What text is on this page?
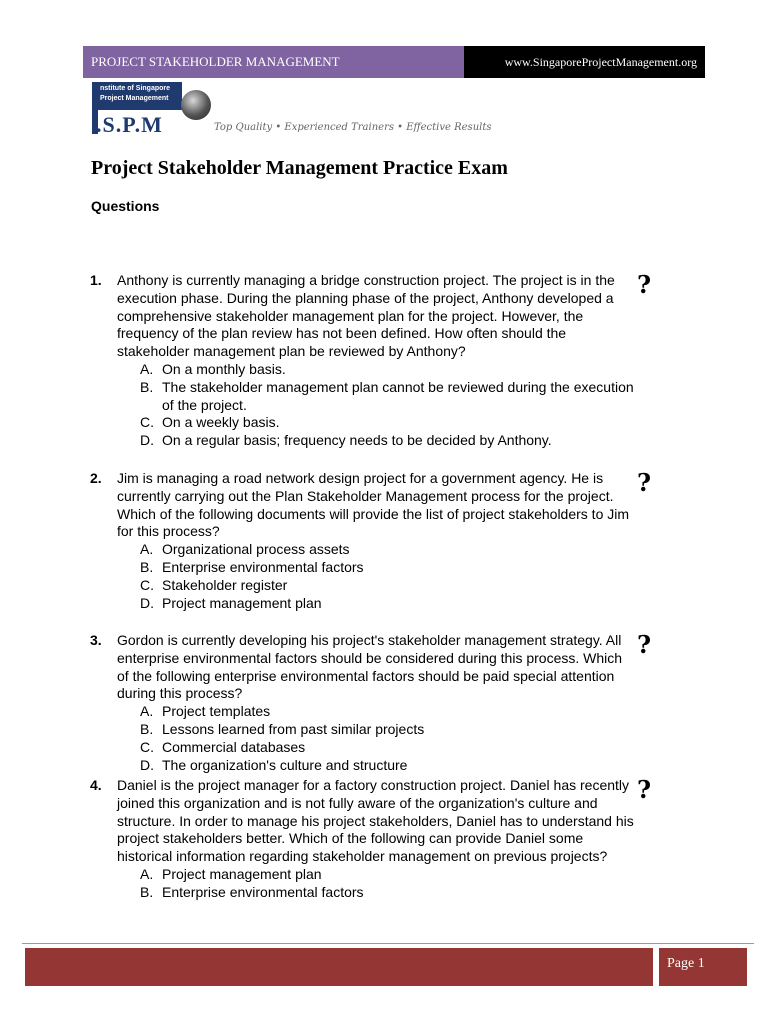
PROJECT STAKEHOLDER MANAGEMENT	www.SingaporeProjectManagement.org
nstitute of Singapore
Project Management
.S.P.M	Top Quality • Experienced Trainers • Effective Results
Project Stakeholder Management Practice Exam
Questions
1. Anthony is currently managing a bridge construction project. The project is in the execution phase. During the planning phase of the project, Anthony developed a comprehensive stakeholder management plan for the project. However, the frequency of the plan review has not been defined. How often should the stakeholder management plan be reviewed by Anthony?
A. On a monthly basis.
B. The stakeholder management plan cannot be reviewed during the execution of the project.
C. On a weekly basis.
D. On a regular basis; frequency needs to be decided by Anthony.
?
2. Jim is managing a road network design project for a government agency. He is currently carrying out the Plan Stakeholder Management process for the project. Which of the following documents will provide the list of project stakeholders to Jim for this process?
A. Organizational process assets
B. Enterprise environmental factors
C. Stakeholder register
D. Project management plan
?
3. Gordon is currently developing his project's stakeholder management strategy. All enterprise environmental factors should be considered during this process. Which of the following enterprise environmental factors should be paid special attention during this process?
A. Project templates
B. Lessons learned from past similar projects
C. Commercial databases
D. The organization's culture and structure
?
4. Daniel is the project manager for a factory construction project. Daniel has recently joined this organization and is not fully aware of the organization's culture and structure. In order to manage his project stakeholders, Daniel has to understand his project stakeholders better. Which of the following can provide Daniel some historical information regarding stakeholder management on previous projects?
A. Project management plan
B. Enterprise environmental factors
?
Page 1
